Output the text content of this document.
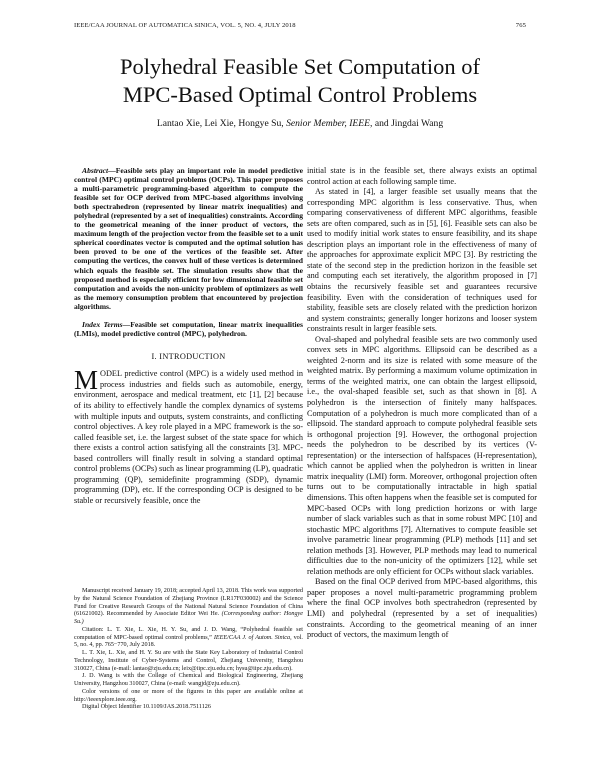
IEEE/CAA JOURNAL OF AUTOMATICA SINICA, VOL. 5, NO. 4, JULY 2018	765
Polyhedral Feasible Set Computation of
MPC-Based Optimal Control Problems
Lantao Xie, Lei Xie, Hongye Su, Senior Member, IEEE, and Jingdai Wang

Abstract—Feasible sets play an important role in model predictive control (MPC) optimal control problems (OCPs). This paper proposes a multi-parametric programming-based algorithm to compute the feasible set for OCP derived from MPC-based algorithms involving both spectrahedron (represented by linear matrix inequalities) and polyhedral (represented by a set of inequalities) constraints. According to the geometrical meaning of the inner product of vectors, the maximum length of the projection vector from the feasible set to a unit spherical coordinates vector is computed and the optimal solution has been proved to be one of the vertices of the feasible set. After computing the vertices, the convex hull of these vertices is determined which equals the feasible set. The simulation results show that the proposed method is especially efficient for low dimensional feasible set computation and avoids the non-unicity problem of optimizers as well as the memory consumption problem that encountered by projection algorithms.

Index Terms—Feasible set computation, linear matrix inequalities (LMIs), model predictive control (MPC), polyhedron.

I. INTRODUCTION

MODEL predictive control (MPC) is a widely used method in process industries and fields such as automobile, energy, environment, aerospace and medical treatment, etc [1], [2] because of its ability to effectively handle the complex dynamics of systems with multiple inputs and outputs, system constraints, and conflicting control objectives. A key role played in a MPC framework is the so-called feasible set, i.e. the largest subset of the state space for which there exists a control action satisfying all the constraints [3]. MPC-based controllers will finally result in solving a standard optimal control problems (OCPs) such as linear programming (LP), quadratic programming (QP), semidefinite programming (SDP), dynamic programming (DP), etc. If the corresponding OCP is designed to be stable or recursively feasible, once the

Manuscript received January 19, 2018; accepted April 13, 2018. This work was supported by the Natural Science Foundation of Zhejiang Province (LR17F030002) and the Science Fund for Creative Research Groups of the National Natural Science Foundation of China (61621002). Recommended by Associate Editor Wei He. (Corresponding author: Hongye Su.)

Citation: L. T. Xie, L. Xie, H. Y. Su, and J. D. Wang, “Polyhedral feasible set computation of MPC-based optimal control problems,” IEEE/CAA J. of Autom. Sinica, vol. 5, no. 4, pp. 765−770, July 2018.

L. T. Xie, L. Xie, and H. Y. Su are with the State Key Laboratory of Industrial Control Technology, Institute of Cyber-Systems and Control, Zhejiang University, Hangzhou 310027, China (e-mail: lantao@zju.edu.cn; leix@iipc.zju.edu.cn; hysu@iipc.zju.edu.cn).

J. D. Wang is with the College of Chemical and Biological Engineering, Zhejiang University, Hangzhou 310027, China (e-mail: wangjd@zju.edu.cn).

Color versions of one or more of the figures in this paper are available online at http://ieeexplore.ieee.org.

Digital Object Identifier 10.1109/JAS.2018.7511126

initial state is in the feasible set, there always exists an optimal control action at each following sample time.

As stated in [4], a larger feasible set usually means that the corresponding MPC algorithm is less conservative. Thus, when comparing conservativeness of different MPC algorithms, feasible sets are often compared, such as in [5], [6]. Feasible sets can also be used to modify initial work states to ensure feasibility, and its shape description plays an important role in the effectiveness of many of the approaches for approximate explicit MPC [3]. By restricting the state of the second step in the prediction horizon in the feasible set and computing each set iteratively, the algorithm proposed in [7] obtains the recursively feasible set and guarantees recursive feasibility. Even with the consideration of techniques used for stability, feasible sets are closely related with the prediction horizon and system constraints; generally longer horizons and looser system constraints result in larger feasible sets.

Oval-shaped and polyhedral feasible sets are two commonly used convex sets in MPC algorithms. Ellipsoid can be described as a weighted 2-norm and its size is related with some measure of the weighted matrix. By performing a maximum volume optimization in terms of the weighted matrix, one can obtain the largest ellipsoid, i.e., the oval-shaped feasible set, such as that shown in [8]. A polyhedron is the intersection of finitely many halfspaces. Computation of a polyhedron is much more complicated than of a ellipsoid. The standard approach to compute polyhedral feasible sets is orthogonal projection [9]. However, the orthogonal projection needs the polyhedron to be described by its vertices (V-representation) or the intersection of halfspaces (H-representation), which cannot be applied when the polyhedron is written in linear matrix inequality (LMI) form. Moreover, orthogonal projection often turns out to be computationally intractable in high spatial dimensions. This often happens when the feasible set is computed for MPC-based OCPs with long prediction horizons or with large number of slack variables such as that in some robust MPC [10] and stochastic MPC algorithms [7]. Alternatives to compute feasible set involve parametric linear programming (PLP) methods [11] and set relation methods [3]. However, PLP methods may lead to numerical difficulties due to the non-unicity of the optimizers [12], while set relation methods are only efficient for OCPs without slack variables.

Based on the final OCP derived from MPC-based algorithms, this paper proposes a novel multi-parametric programming problem where the final OCP involves both spectrahedron (represented by LMI) and polyhedral (represented by a set of inequalities) constraints. According to the geometrical meaning of an inner product of vectors, the maximum length of
